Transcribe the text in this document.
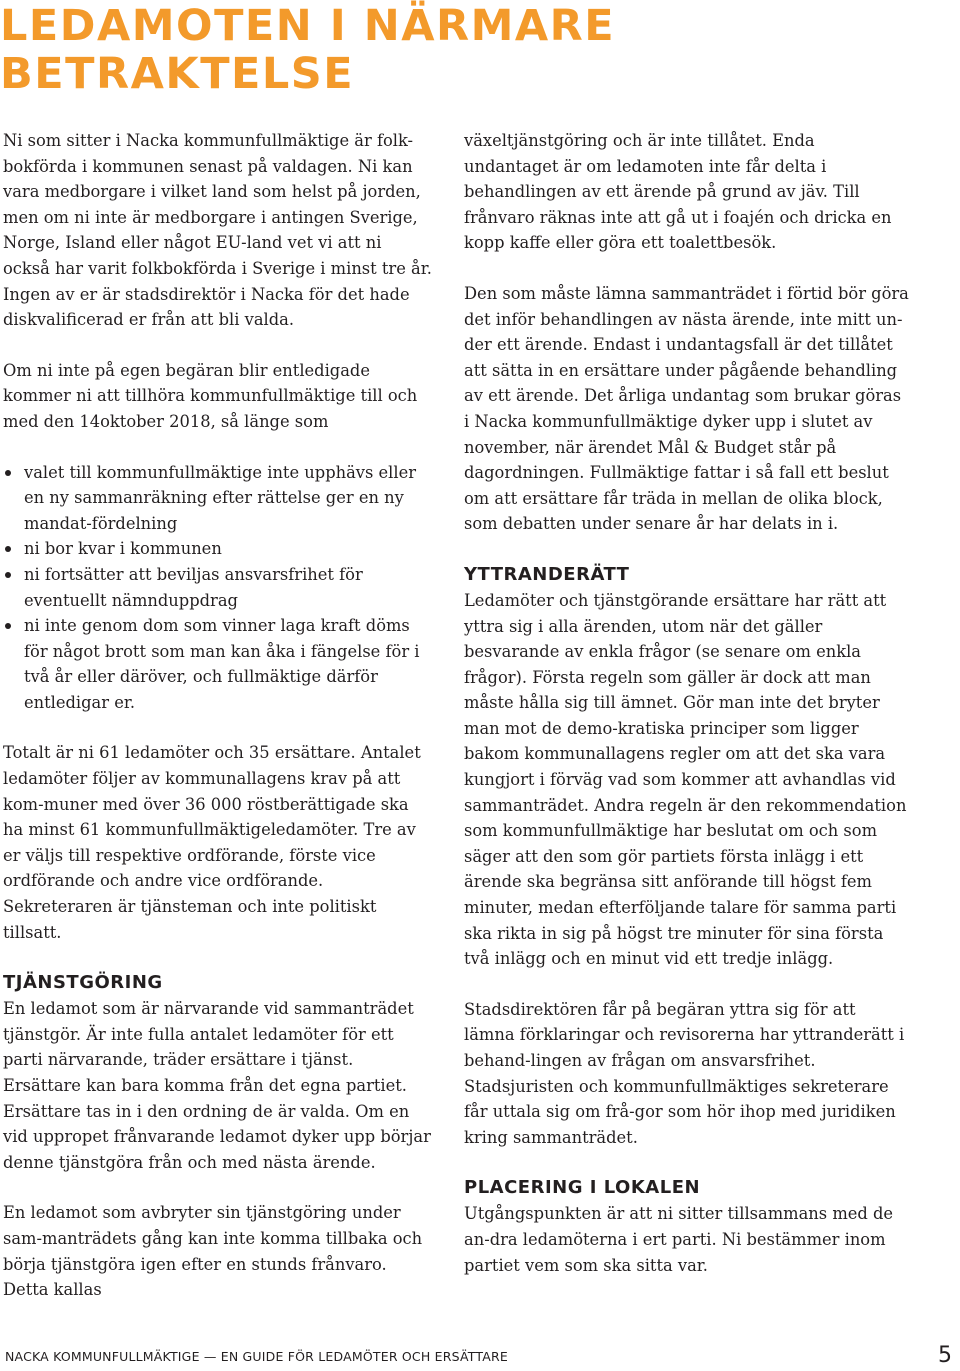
LEDAMOTEN I NÄRMARE
BETRAKTELSE

Ni som sitter i Nacka kommunfullmäktige är folk-bokförda i kommunen senast på valdagen. Ni kan vara medborgare i vilket land som helst på jorden, men om ni inte är medborgare i antingen Sverige, Norge, Island eller något EU-land vet vi att ni också har varit folkbokförda i Sverige i minst tre år. Ingen av er är stadsdirektör i Nacka för det hade diskvalificerad er från att bli valda.

Om ni inte på egen begäran blir entledigade kommer ni att tillhöra kommunfullmäktige till och med den 14oktober 2018, så länge som

valet till kommunfullmäktige inte upphävs eller en ny sammanräkning efter rättelse ger en ny mandat-fördelning
ni bor kvar i kommunen
ni fortsätter att beviljas ansvarsfrihet för eventuellt nämnduppdrag
ni inte genom dom som vinner laga kraft döms för något brott som man kan åka i fängelse för i två år eller däröver, och fullmäktige därför entledigar er.

Totalt är ni 61 ledamöter och 35 ersättare. Antalet ledamöter följer av kommunallagens krav på att kom-muner med över 36 000 röstberättigade ska ha minst 61 kommunfullmäktigeledamöter. Tre av er väljs till respektive ordförande, förste vice ordförande och andre vice ordförande. Sekreteraren är tjänsteman och inte politiskt tillsatt.

TJÄNSTGÖRING

En ledamot som är närvarande vid sammanträdet tjänstgör. Är inte fulla antalet ledamöter för ett parti närvarande, träder ersättare i tjänst. Ersättare kan bara komma från det egna partiet. Ersättare tas in i den ordning de är valda. Om en vid uppropet frånvarande ledamot dyker upp börjar denne tjänstgöra från och med nästa ärende.

En ledamot som avbryter sin tjänstgöring under sam-manträdets gång kan inte komma tillbaka och börja tjänstgöra igen efter en stunds frånvaro. Detta kallas

växeltjänstgöring och är inte tillåtet. Enda undantaget är om ledamoten inte får delta i behandlingen av ett ärende på grund av jäv. Till frånvaro räknas inte att gå ut i foajén och dricka en kopp kaffe eller göra ett toalettbesök.

Den som måste lämna sammanträdet i förtid bör göra det inför behandlingen av nästa ärende, inte mitt un-der ett ärende. Endast i undantagsfall är det tillåtet att sätta in en ersättare under pågående behandling av ett ärende. Det årliga undantag som brukar göras i Nacka kommunfullmäktige dyker upp i slutet av november, när ärendet Mål & Budget står på dagordningen. Fullmäktige fattar i så fall ett beslut om att ersättare får träda in mellan de olika block, som debatten under senare år har delats in i.

YTTRANDERÄTT

Ledamöter och tjänstgörande ersättare har rätt att yttra sig i alla ärenden, utom när det gäller besvarande av enkla frågor (se senare om enkla frågor). Första regeln som gäller är dock att man måste hålla sig till ämnet. Gör man inte det bryter man mot de demo-kratiska principer som ligger bakom kommunallagens regler om att det ska vara kungjort i förväg vad som kommer att avhandlas vid sammanträdet. Andra regeln är den rekommendation som kommunfullmäktige har beslutat om och som säger att den som gör partiets första inlägg i ett ärende ska begränsa sitt anförande till högst fem minuter, medan efterföljande talare för samma parti ska rikta in sig på högst tre minuter för sina första två inlägg och en minut vid ett tredje inlägg.

Stadsdirektören får på begäran yttra sig för att lämna förklaringar och revisorerna har yttranderätt i behand-lingen av frågan om ansvarsfrihet. Stadsjuristen och kommunfullmäktiges sekreterare får uttala sig om frå-gor som hör ihop med juridiken kring sammanträdet.

PLACERING I LOKALEN

Utgångspunkten är att ni sitter tillsammans med de an-dra ledamöterna i ert parti. Ni bestämmer inom partiet vem som ska sitta var.

NACKA KOMMUNFULLMÄKTIGE — EN GUIDE FÖR LEDAMÖTER OCH ERSÄTTARE	5
